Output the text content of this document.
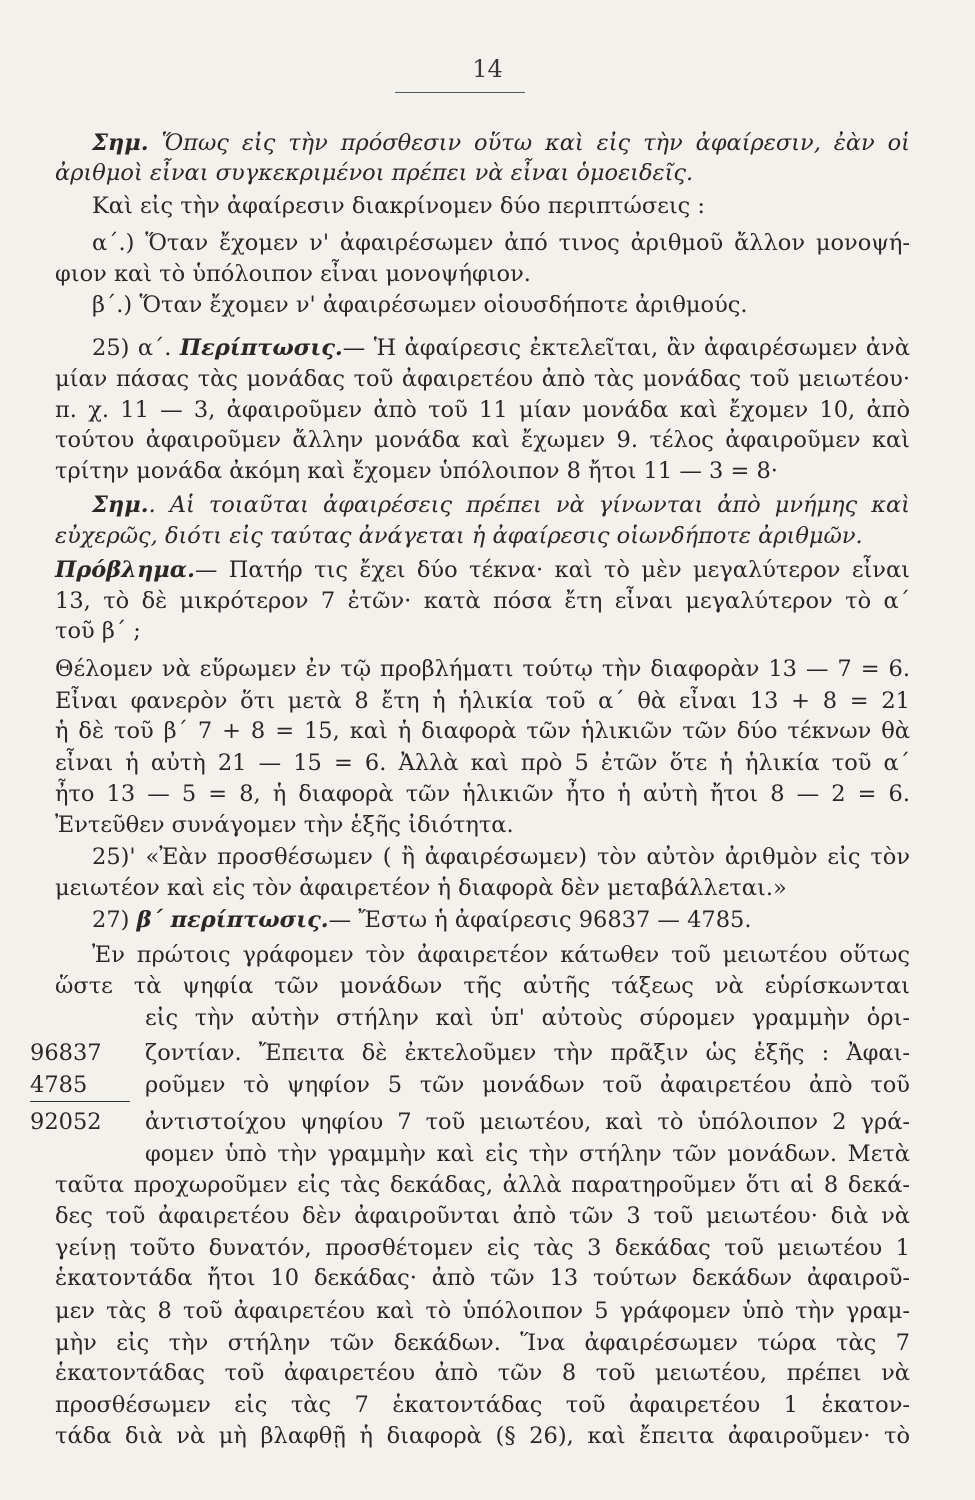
14
Σημ. Ὅπως εἰς τὴν πρόσθεσιν οὕτω καὶ εἰς τὴν ἀφαίρεσιν, ἐὰν οἱ
ἀριθμοὶ εἶναι συγκεκριμένοι πρέπει νὰ εἶναι ὁμοειδεῖς.
Καὶ εἰς τὴν ἀφαίρεσιν διακρίνομεν δύο περιπτώσεις :
α΄.) Ὅταν ἔχομεν ν' ἀφαιρέσωμεν ἀπό τινος ἀριθμοῦ ἄλλον μονοψή-
φιον καὶ τὸ ὑπόλοιπον εἶναι μονοψήφιον.
β΄.) Ὅταν ἔχομεν ν' ἀφαιρέσωμεν οἱουσδήποτε ἀριθμούς.
25) α΄. Περίπτωσις.— Ἡ ἀφαίρεσις ἐκτελεῖται, ἂν ἀφαιρέσωμεν ἀνὰ
μίαν πάσας τὰς μονάδας τοῦ ἀφαιρετέου ἀπὸ τὰς μονάδας τοῦ μειωτέου·
π. χ. 11 — 3, ἀφαιροῦμεν ἀπὸ τοῦ 11 μίαν μονάδα καὶ ἔχομεν 10, ἀπὸ
τούτου ἀφαιροῦμεν ἄλλην μονάδα καὶ ἔχωμεν 9. τέλος ἀφαιροῦμεν καὶ
τρίτην μονάδα ἀκόμη καὶ ἔχομεν ὑπόλοιπον 8 ἤτοι 11 — 3 = 8·
Σημ.. Αἱ τοιαῦται ἀφαιρέσεις πρέπει νὰ γίνωνται ἀπὸ μνήμης καὶ
εὐχερῶς, διότι εἰς ταύτας ἀνάγεται ἡ ἀφαίρεσις οἱωνδήποτε ἀριθμῶν.
Πρόβλημα.— Πατήρ τις ἔχει δύο τέκνα· καὶ τὸ μὲν μεγαλύτερον εἶναι
13, τὸ δὲ μικρότερον 7 ἐτῶν· κατὰ πόσα ἔτη εἶναι μεγαλύτερον τὸ α΄
τοῦ β΄ ;
Θέλομεν νὰ εὕρωμεν ἐν τῷ προβλήματι τούτῳ τὴν διαφορὰν 13 — 7 = 6.
Εἶναι φανερὸν ὅτι μετὰ 8 ἔτη ἡ ἡλικία τοῦ α΄ θὰ εἶναι 13 + 8 = 21
ἡ δὲ τοῦ β΄ 7 + 8 = 15, καὶ ἡ διαφορὰ τῶν ἡλικιῶν τῶν δύο τέκνων θὰ
εἶναι ἡ αὐτὴ 21 — 15 = 6. Ἀλλὰ καὶ πρὸ 5 ἐτῶν ὅτε ἡ ἡλικία τοῦ α΄
ἦτο 13 — 5 = 8, ἡ διαφορὰ τῶν ἡλικιῶν ἦτο ἡ αὐτὴ ἤτοι 8 — 2 = 6.
Ἐντεῦθεν συνάγομεν τὴν ἑξῆς ἰδιότητα.
25)' «Ἐὰν προσθέσωμεν ( ἢ ἀφαιρέσωμεν) τὸν αὐτὸν ἀριθμὸν εἰς τὸν
μειωτέον καὶ εἰς τὸν ἀφαιρετέον ἡ διαφορὰ δὲν μεταβάλλεται.»
27) β΄ περίπτωσις.— Ἔστω ἡ ἀφαίρεσις 96837 — 4785.
Ἐν πρώτοις γράφομεν τὸν ἀφαιρετέον κάτωθεν τοῦ μειωτέου οὕτως
ὥστε τὰ ψηφία τῶν μονάδων τῆς αὐτῆς τάξεως νὰ εὑρίσκωνται
εἰς τὴν αὐτὴν στήλην καὶ ὑπ' αὐτοὺς σύρομεν γραμμὴν ὁρι-
ζοντίαν. Ἔπειτα δὲ ἐκτελοῦμεν τὴν πρᾶξιν ὡς ἑξῆς : Ἀφαι-
ροῦμεν τὸ ψηφίον 5 τῶν μονάδων τοῦ ἀφαιρετέου ἀπὸ τοῦ
ἀντιστοίχου ψηφίου 7 τοῦ μειωτέου, καὶ τὸ ὑπόλοιπον 2 γρά-
φομεν ὑπὸ τὴν γραμμὴν καὶ εἰς τὴν στήλην τῶν μονάδων. Μετὰ
ταῦτα προχωροῦμεν εἰς τὰς δεκάδας, ἀλλὰ παρατηροῦμεν ὅτι αἱ 8 δεκά-
δες τοῦ ἀφαιρετέου δὲν ἀφαιροῦνται ἀπὸ τῶν 3 τοῦ μειωτέου· διὰ νὰ
γείνῃ τοῦτο δυνατόν, προσθέτομεν εἰς τὰς 3 δεκάδας τοῦ μειωτέου 1
ἑκατοντάδα ἤτοι 10 δεκάδας· ἀπὸ τῶν 13 τούτων δεκάδων ἀφαιροῦ-
μεν τὰς 8 τοῦ ἀφαιρετέου καὶ τὸ ὑπόλοιπον 5 γράφομεν ὑπὸ τὴν γραμ-
μὴν εἰς τὴν στήλην τῶν δεκάδων. Ἵνα ἀφαιρέσωμεν τώρα τὰς 7
ἑκατοντάδας τοῦ ἀφαιρετέου ἀπὸ τῶν 8 τοῦ μειωτέου, πρέπει νὰ
προσθέσωμεν εἰς τὰς 7 ἑκατοντάδας τοῦ ἀφαιρετέου 1 ἑκατον-
τάδα διὰ νὰ μὴ βλαφθῇ ἡ διαφορὰ (§ 26), καὶ ἔπειτα ἀφαιροῦμεν· τὸ
96837
4785
92052
